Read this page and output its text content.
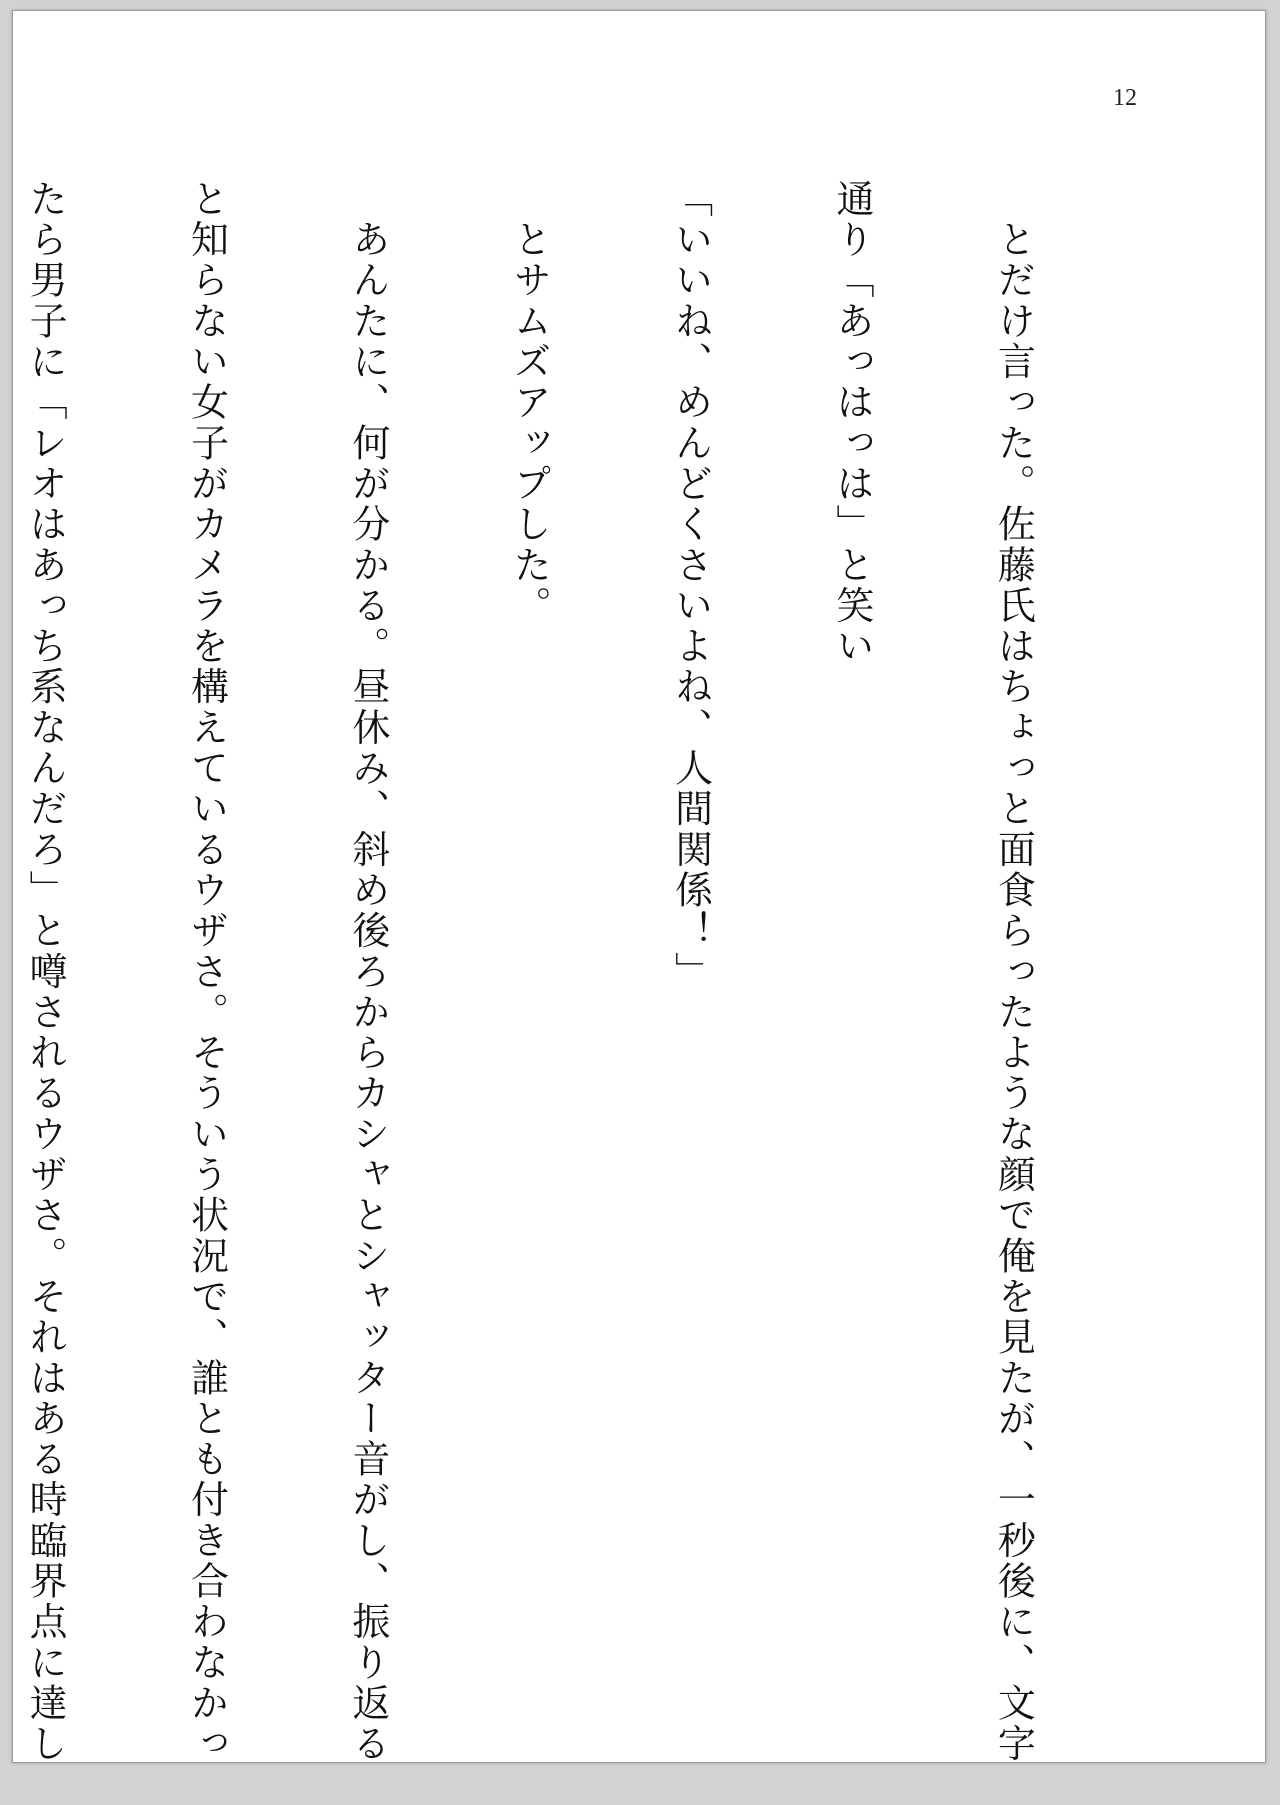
12

　とだけ言った。佐藤氏はちょっと面食らったような顔で俺を見たが、一秒後に、文字

通り「あっはっは」と笑い

「いいね、めんどくさいよね、人間関係！」

　とサムズアップした。

　あんたに、何が分かる。昼休み、斜め後ろからカシャとシャッター音がし、振り返る

と知らない女子がカメラを構えているウザさ。そういう状況で、誰とも付き合わなかっ

たら男子に「レオはあっち系なんだろ」と噂されるウザさ。それはある時臨界点に達し
